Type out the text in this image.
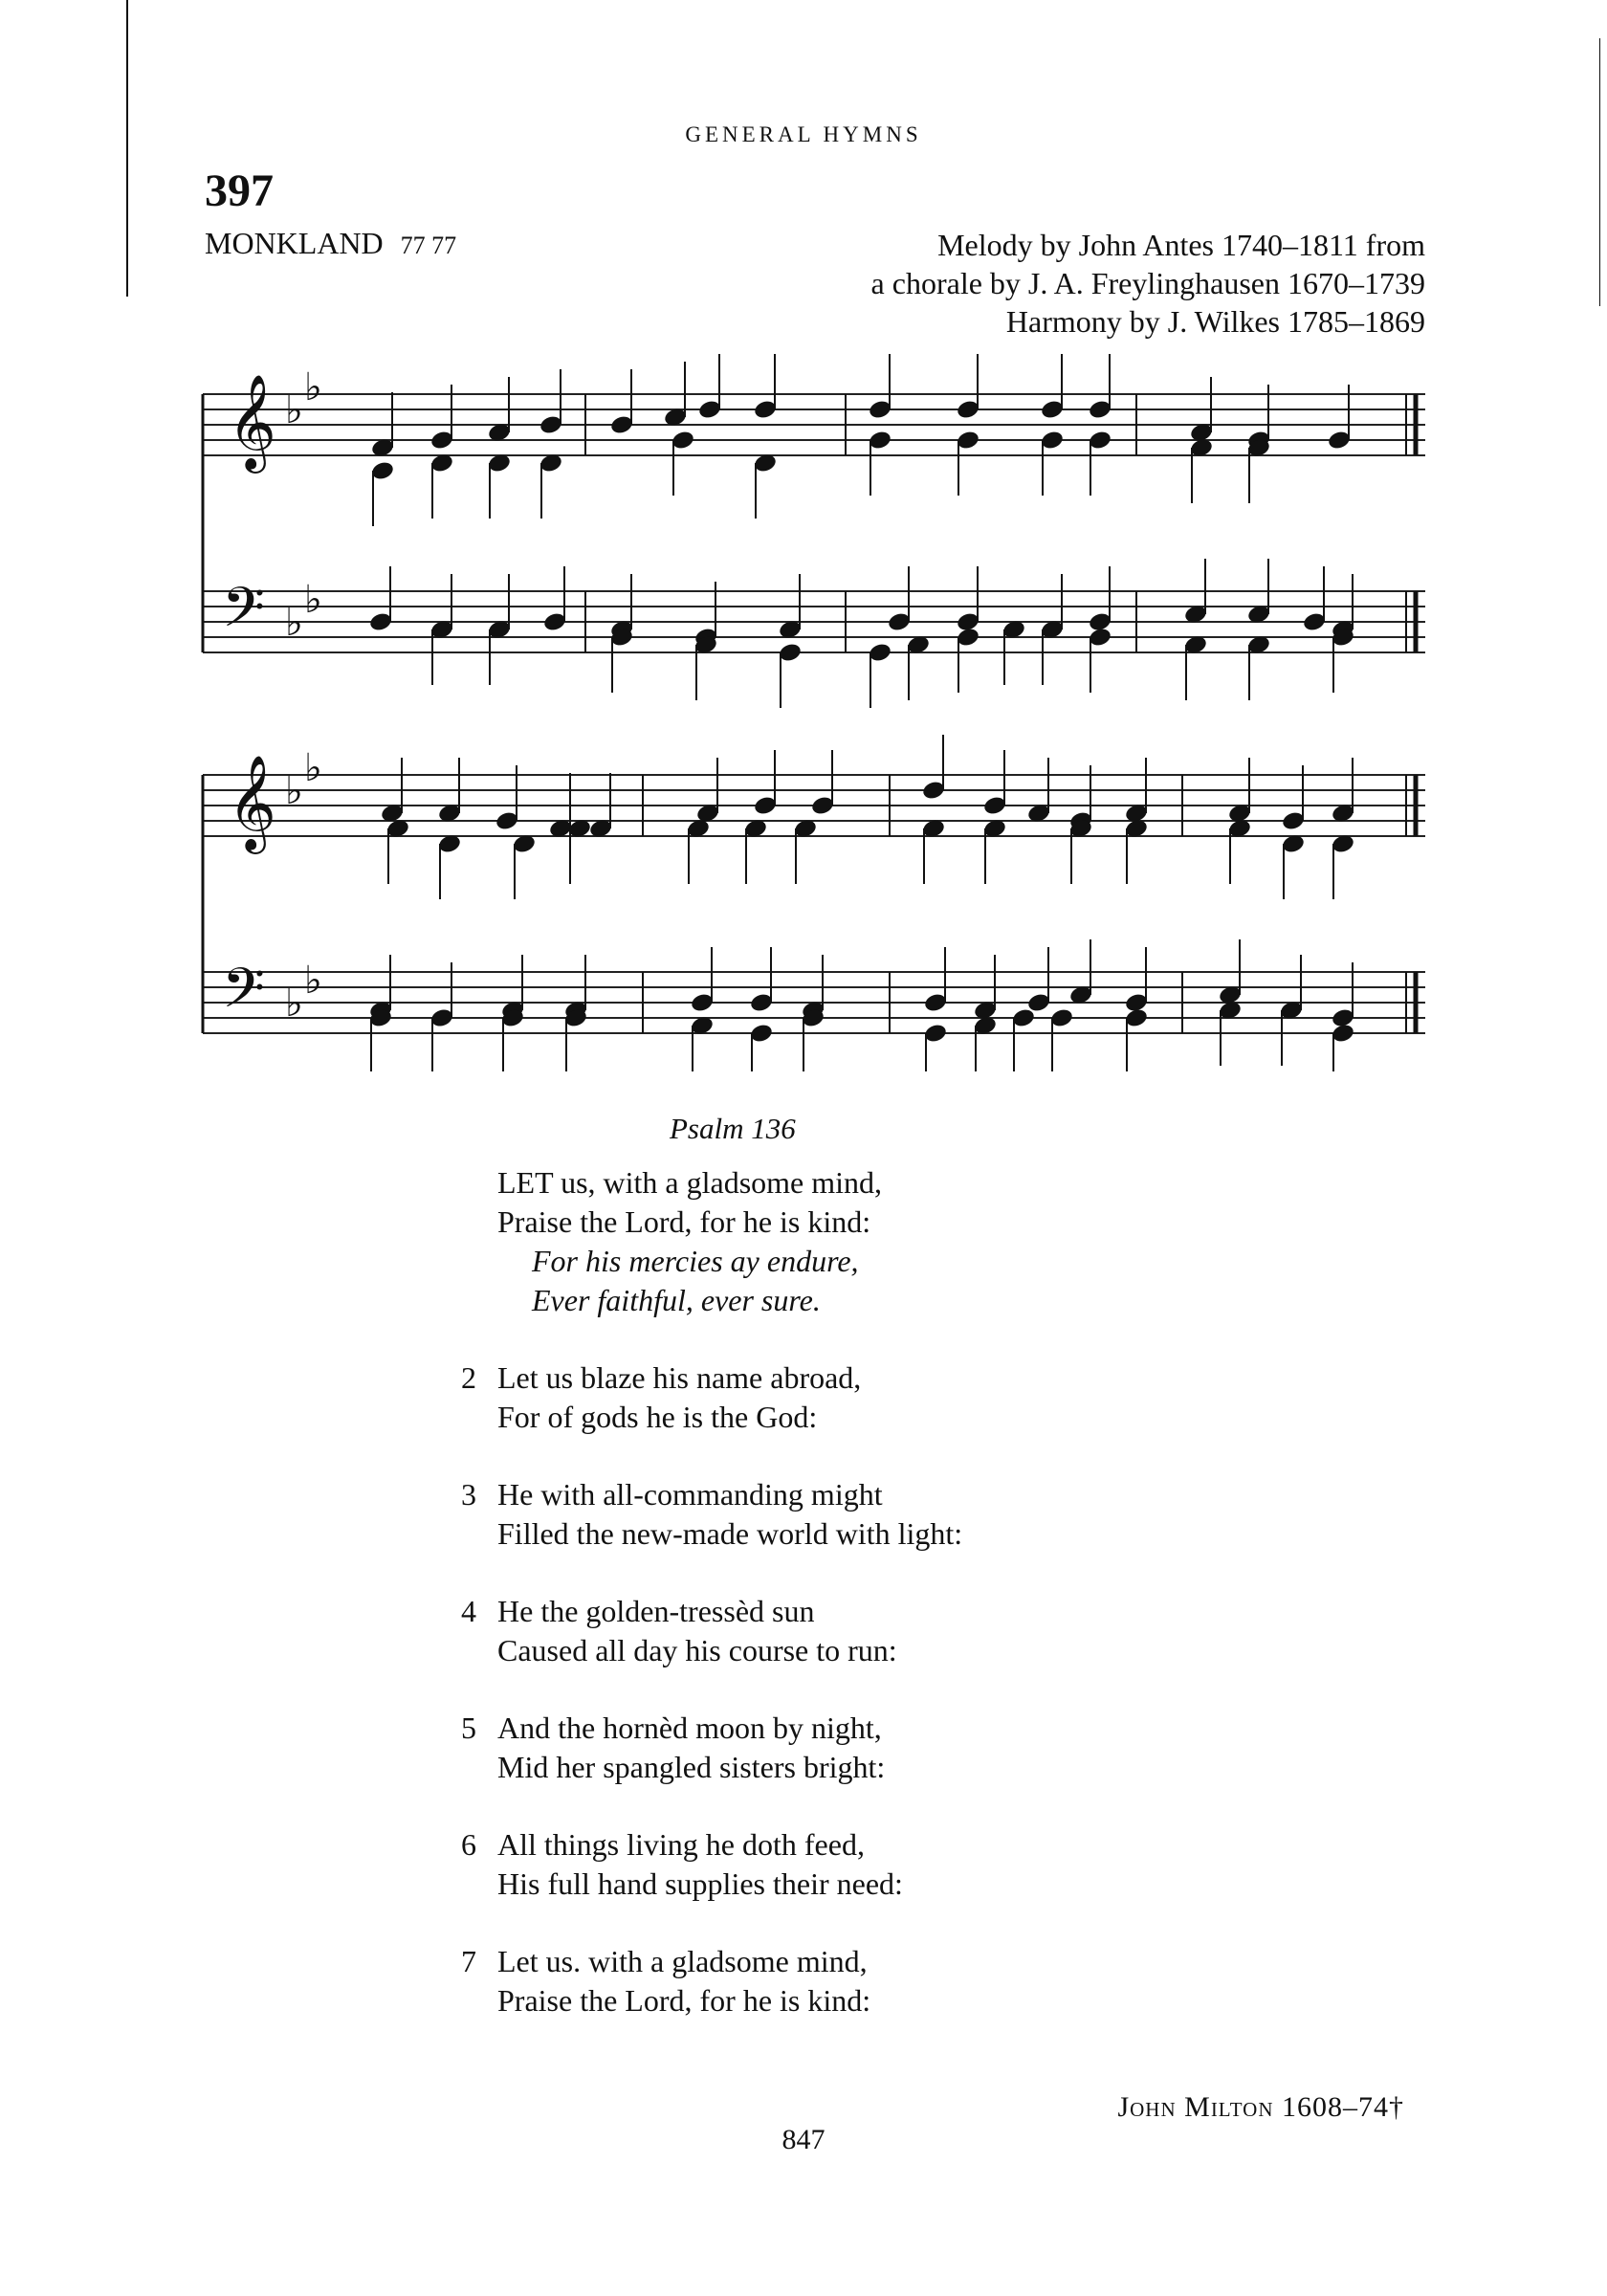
GENERAL HYMNS
397
MONKLAND 77 77	Melody by John Antes 1740–1811 from
a chorale by J. A. Freylinghausen 1670–1739
Harmony by J. Wilkes 1785–1869
𝄞
𝄢
♭
♭
♭
♭
𝄞
𝄢
♭
♭
♭
♭
Psalm 136
LET us, with a gladsome mind,
Praise the Lord, for he is kind:
For his mercies ay endure,
Ever faithful, ever sure.
2 Let us blaze his name abroad,
For of gods he is the God:
3 He with all-commanding might
Filled the new-made world with light:
4 He the golden-tressèd sun
Caused all day his course to run:
5 And the hornèd moon by night,
Mid her spangled sisters bright:
6 All things living he doth feed,
His full hand supplies their need:
7 Let us. with a gladsome mind,
Praise the Lord, for he is kind:
John Milton 1608–74†
847
